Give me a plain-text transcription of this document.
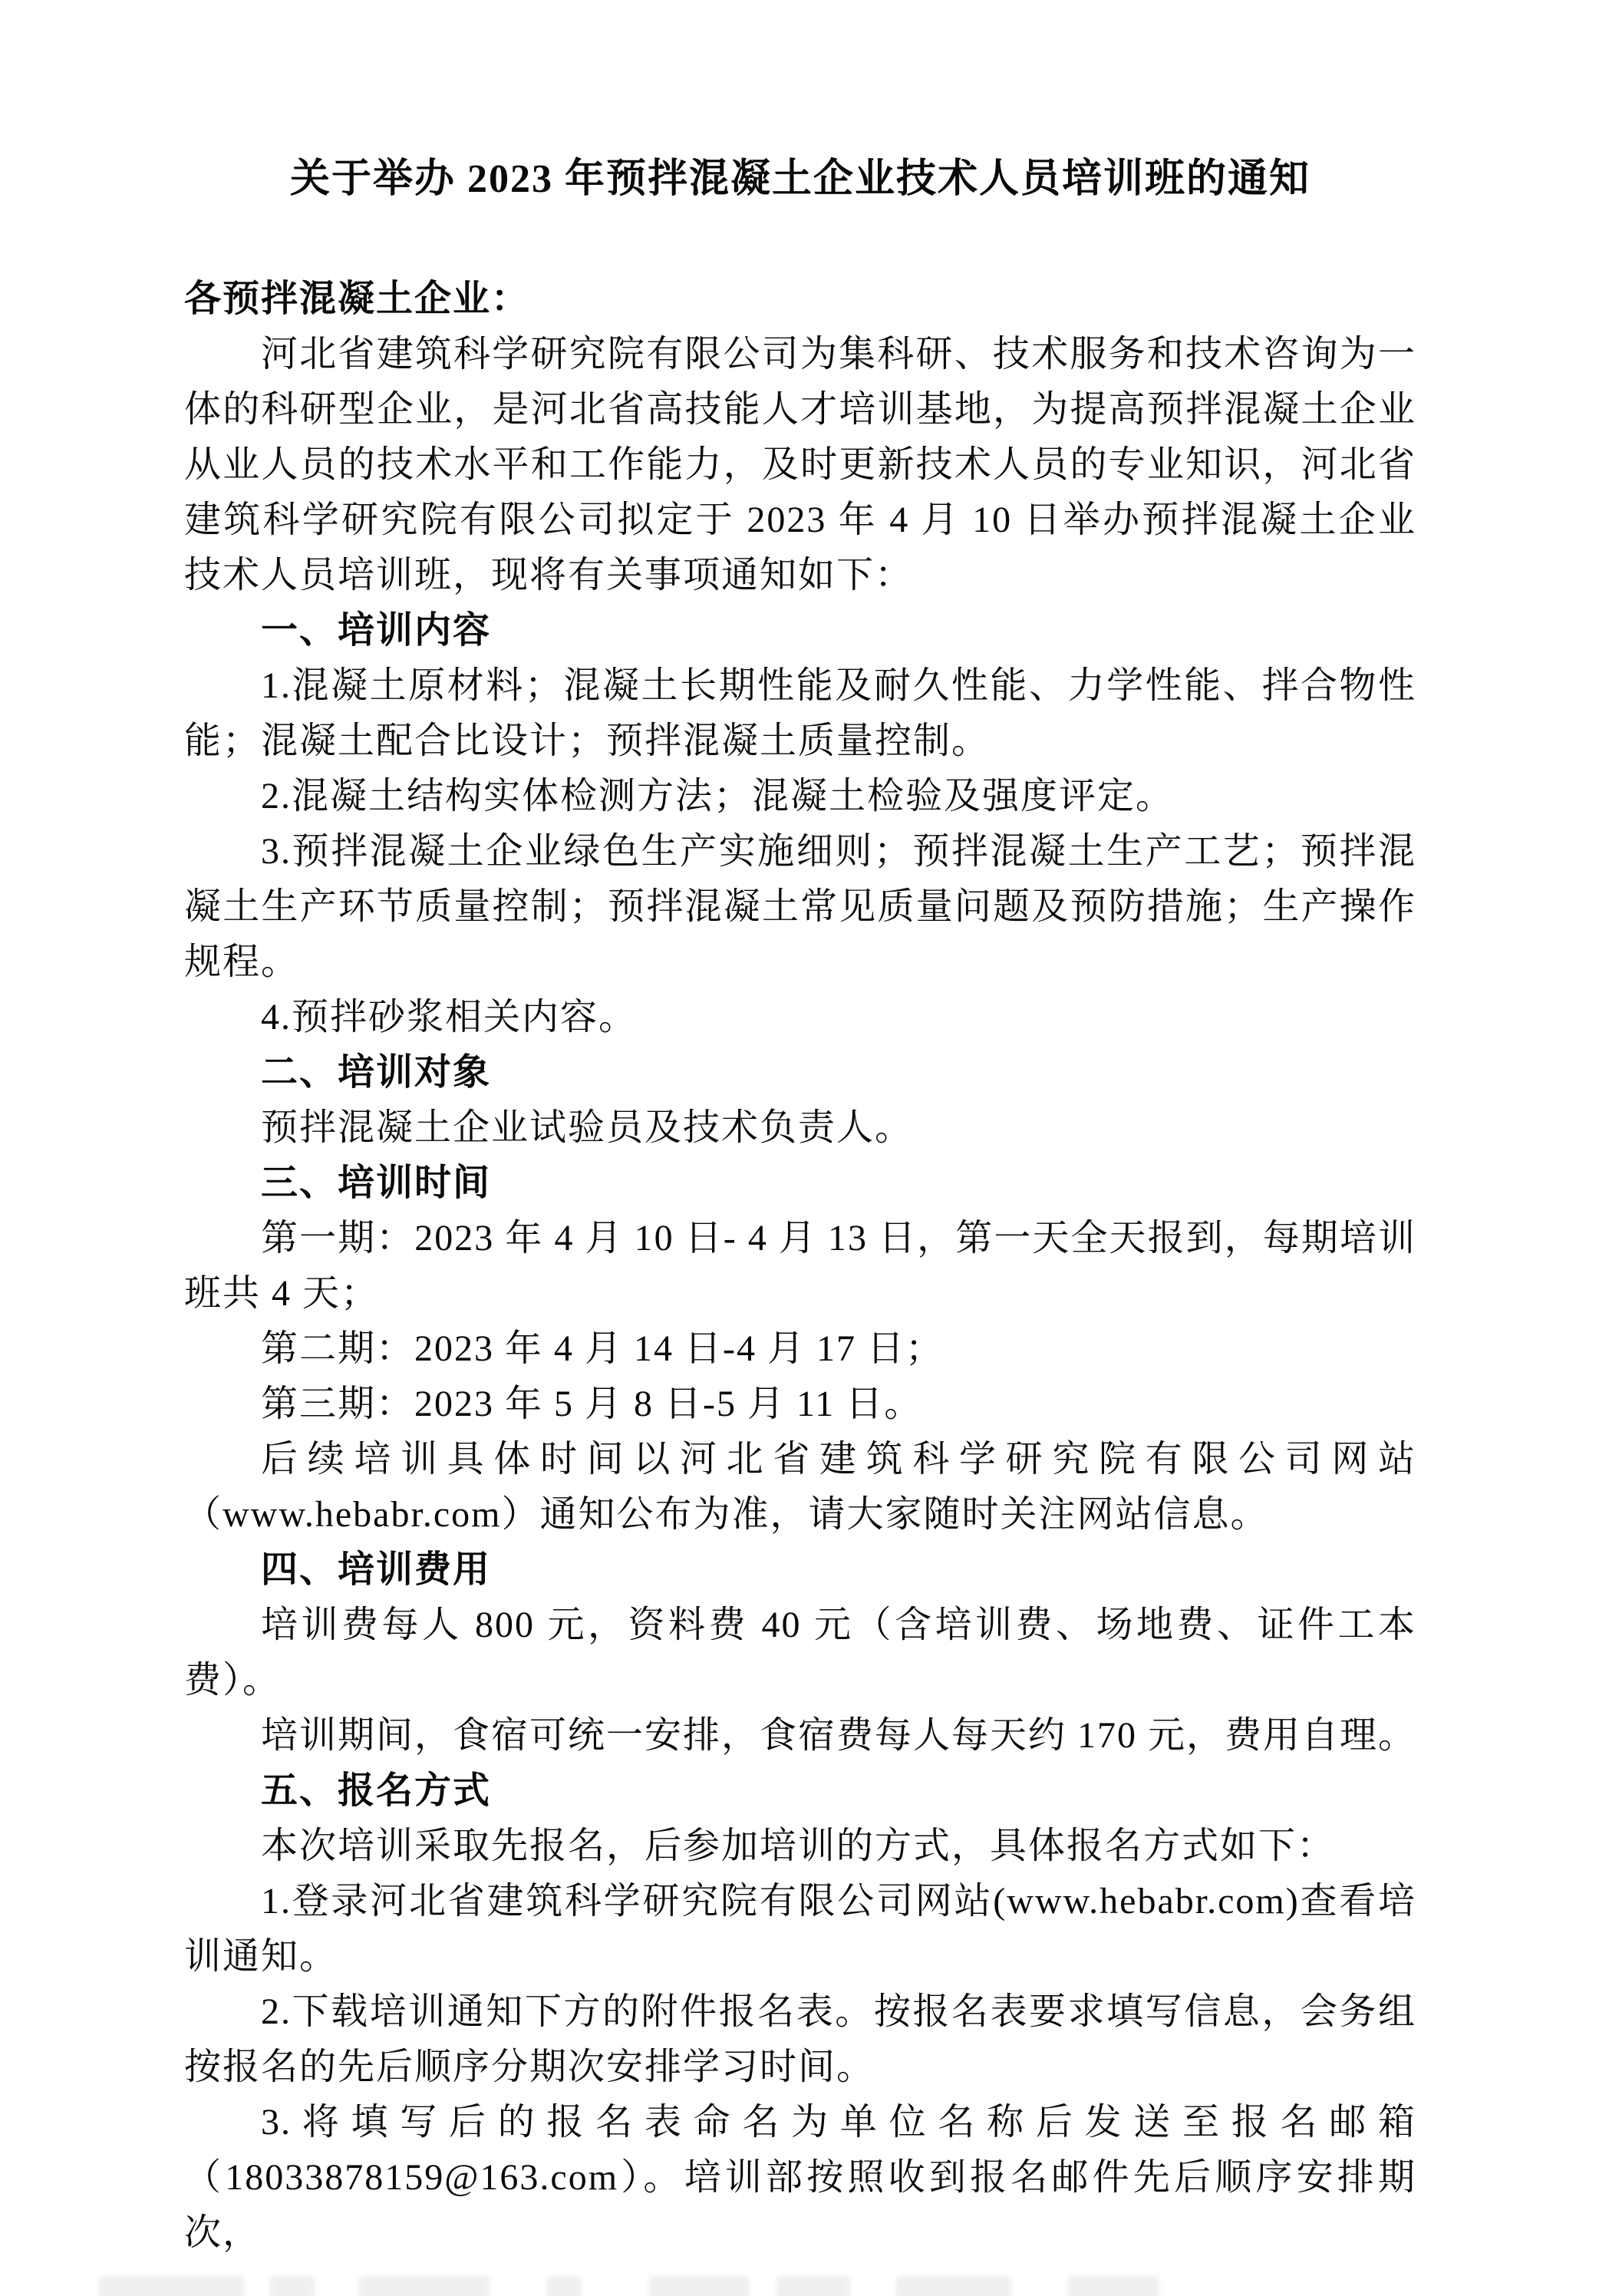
关于举办 2023 年预拌混凝土企业技术人员培训班的通知
各预拌混凝土企业：
河北省建筑科学研究院有限公司为集科研、技术服务和技术咨询为一体的科研型企业，是河北省高技能人才培训基地，为提高预拌混凝土企业从业人员的技术水平和工作能力，及时更新技术人员的专业知识，河北省建筑科学研究院有限公司拟定于 2023 年 4 月 10 日举办预拌混凝土企业技术人员培训班，现将有关事项通知如下：
一、培训内容
1.混凝土原材料；混凝土长期性能及耐久性能、力学性能、拌合物性能；混凝土配合比设计；预拌混凝土质量控制。
2.混凝土结构实体检测方法；混凝土检验及强度评定。
3.预拌混凝土企业绿色生产实施细则；预拌混凝土生产工艺；预拌混凝土生产环节质量控制；预拌混凝土常见质量问题及预防措施；生产操作规程。
4.预拌砂浆相关内容。
二、培训对象
预拌混凝土企业试验员及技术负责人。
三、培训时间
第一期：2023 年 4 月 10 日- 4 月 13 日，第一天全天报到，每期培训班共 4 天；
第二期：2023 年 4 月 14 日-4 月 17 日；
第三期：2023 年 5 月 8 日-5 月 11 日。
后续培训具体时间以河北省建筑科学研究院有限公司网站（www.hebabr.com）通知公布为准，请大家随时关注网站信息。
四、培训费用
培训费每人 800 元，资料费 40 元（含培训费、场地费、证件工本费）。
培训期间，食宿可统一安排，食宿费每人每天约 170 元，费用自理。
五、报名方式
本次培训采取先报名，后参加培训的方式，具体报名方式如下：
1.登录河北省建筑科学研究院有限公司网站(www.hebabr.com)查看培训通知。
2.下载培训通知下方的附件报名表。按报名表要求填写信息，会务组按报名的先后顺序分期次安排学习时间。
3.将填写后的报名表命名为单位名称后发送至报名邮箱（18033878159@163.com）。培训部按照收到报名邮件先后顺序安排期次，
